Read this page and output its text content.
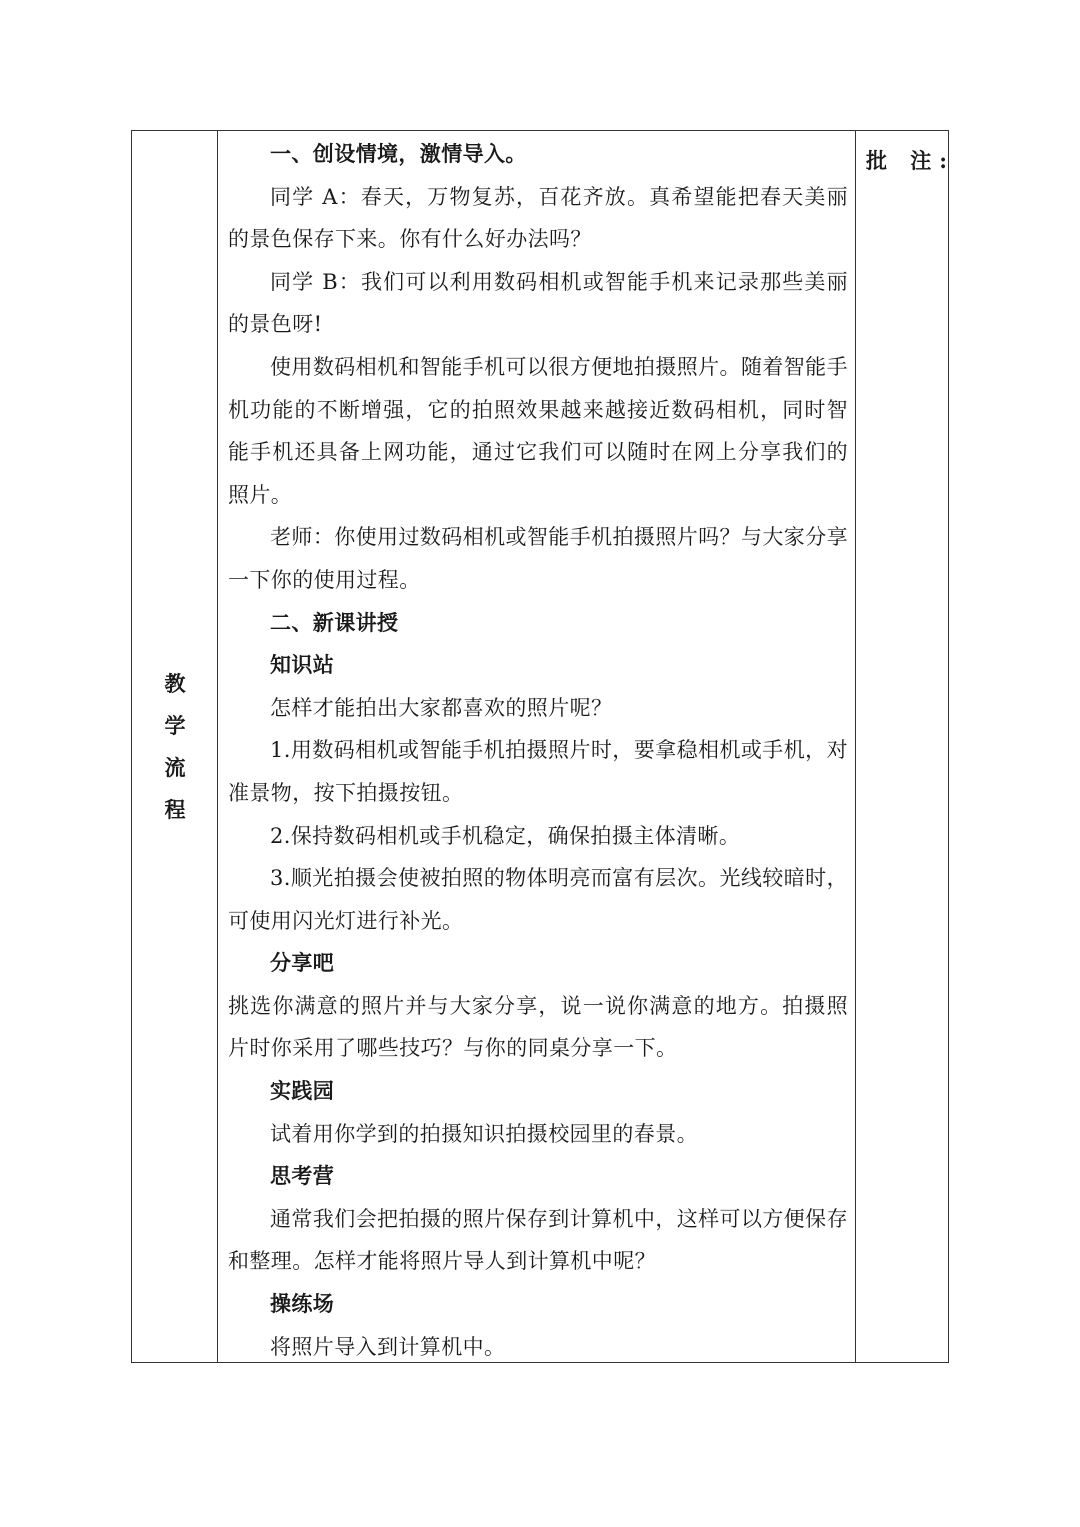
教
学
流
程

一、创设情境，激情导入。

同学 A：春天，万物复苏，百花齐放。真希望能把春天美丽的景色保存下来。你有什么好办法吗？

同学 B：我们可以利用数码相机或智能手机来记录那些美丽的景色呀!

使用数码相机和智能手机可以很方便地拍摄照片。随着智能手机功能的不断增强，它的拍照效果越来越接近数码相机，同时智能手机还具备上网功能，通过它我们可以随时在网上分享我们的照片。

老师：你使用过数码相机或智能手机拍摄照片吗？与大家分享一下你的使用过程。

二、新课讲授

知识站

怎样才能拍出大家都喜欢的照片呢？

1.用数码相机或智能手机拍摄照片时，要拿稳相机或手机，对准景物，按下拍摄按钮。

2.保持数码相机或手机稳定，确保拍摄主体清晰。

3.顺光拍摄会使被拍照的物体明亮而富有层次。光线较暗时，可使用闪光灯进行补光。

分享吧

挑选你满意的照片并与大家分享，说一说你满意的地方。拍摄照片时你采用了哪些技巧？与你的同桌分享一下。

实践园

试着用你学到的拍摄知识拍摄校园里的春景。

思考营

通常我们会把拍摄的照片保存到计算机中，这样可以方便保存和整理。怎样才能将照片导人到计算机中呢？

操练场

将照片导入到计算机中。

批 注:
